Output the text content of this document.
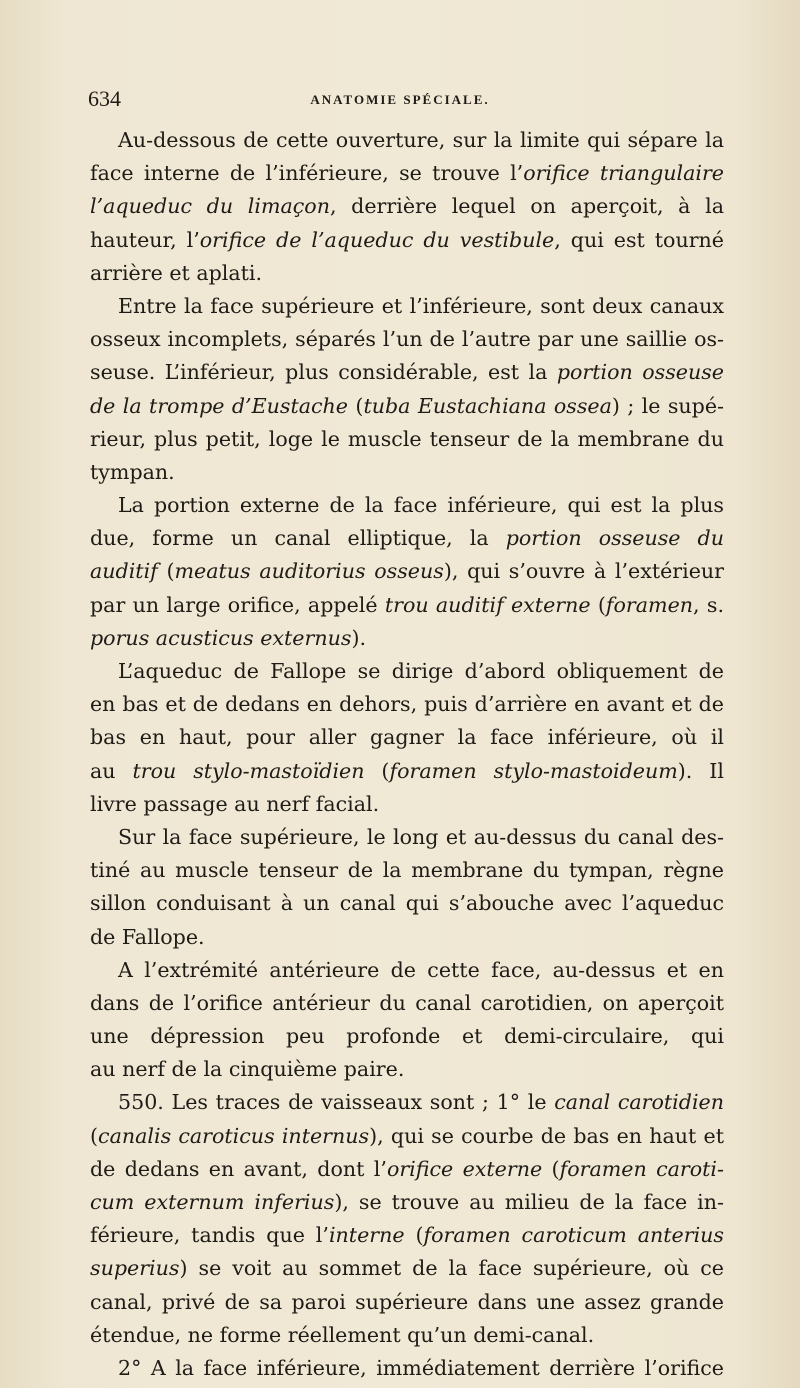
634	ANATOMIE SPÉCIALE.
Au-dessous de cette ouverture, sur la limite qui sépare la
face interne de l’inférieure, se trouve l’orifice triangulaire
l’aqueduc du limaçon, derrière lequel on aperçoit, à la
hauteur, l’orifice de l’aqueduc du vestibule, qui est tourné
arrière et aplati.
Entre la face supérieure et l’inférieure, sont deux canaux
osseux incomplets, séparés l’un de l’autre par une saillie os-
seuse. L’inférieur, plus considérable, est la portion osseuse
de la trompe d’Eustache (tuba Eustachiana ossea) ; le supé-
rieur, plus petit, loge le muscle tenseur de la membrane du
tympan.
La portion externe de la face inférieure, qui est la plus
due, forme un canal elliptique, la portion osseuse du
auditif (meatus auditorius osseus), qui s’ouvre à l’extérieur
par un large orifice, appelé trou auditif externe (foramen, s.
porus acusticus externus).
L’aqueduc de Fallope se dirige d’abord obliquement de
en bas et de dedans en dehors, puis d’arrière en avant et de
bas en haut, pour aller gagner la face inférieure, où il
au trou stylo-mastoïdien (foramen stylo-mastoideum). Il
livre passage au nerf facial.
Sur la face supérieure, le long et au-dessus du canal des-
tiné au muscle tenseur de la membrane du tympan, règne
sillon conduisant à un canal qui s’abouche avec l’aqueduc
de Fallope.
A l’extrémité antérieure de cette face, au-dessus et en
dans de l’orifice antérieur du canal carotidien, on aperçoit
une dépression peu profonde et demi-circulaire, qui
au nerf de la cinquième paire.
550. Les traces de vaisseaux sont ; 1° le canal carotidien
(canalis caroticus internus), qui se courbe de bas en haut et
de dedans en avant, dont l’orifice externe (foramen caroti-
cum externum inferius), se trouve au milieu de la face in-
férieure, tandis que l’interne (foramen caroticum anterius
superius) se voit au sommet de la face supérieure, où ce
canal, privé de sa paroi supérieure dans une assez grande
étendue, ne forme réellement qu’un demi-canal.
2° A la face inférieure, immédiatement derrière l’orifice
